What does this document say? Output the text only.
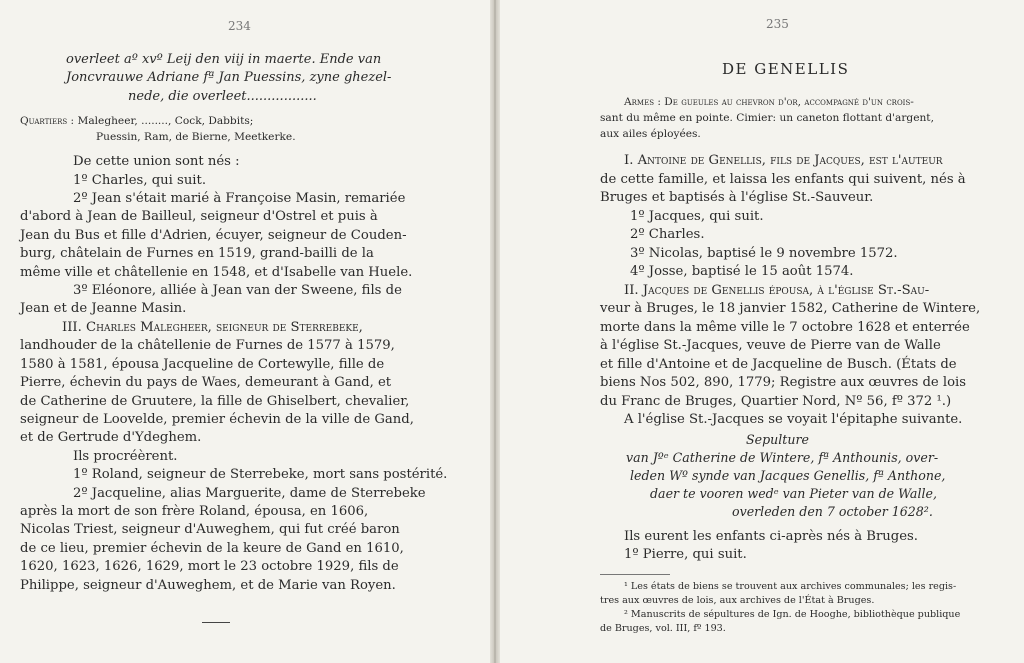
234
overleet aº xvº Leij den viij in maerte. Ende van
Joncvrauwe Adriane fª Jan Puessins, zyne ghezel-
nede, die overleet.................
Quartiers : Malegheer, ........, Cock, Dabbits;
Puessin, Ram, de Bierne, Meetkerke.
De cette union sont nés :
1º Charles, qui suit.
2º Jean s'était marié à Françoise Masin, remariée
d'abord à Jean de Bailleul, seigneur d'Ostrel et puis à
Jean du Bus et fille d'Adrien, écuyer, seigneur de Couden-
burg, châtelain de Furnes en 1519, grand-bailli de la
même ville et châtellenie en 1548, et d'Isabelle van Huele.
3º Eléonore, alliée à Jean van der Sweene, fils de
Jean et de Jeanne Masin.
III. Charles Malegheer, seigneur de Sterrebeke,
landhouder de la châtellenie de Furnes de 1577 à 1579,
1580 à 1581, épousa Jacqueline de Cortewylle, fille de
Pierre, échevin du pays de Waes, demeurant à Gand, et
de Catherine de Gruutere, la fille de Ghiselbert, chevalier,
seigneur de Loovelde, premier échevin de la ville de Gand,
et de Gertrude d'Ydeghem.
Ils procréèrent.
1º Roland, seigneur de Sterrebeke, mort sans postérité.
2º Jacqueline, alias Marguerite, dame de Sterrebeke
après la mort de son frère Roland, épousa, en 1606,
Nicolas Triest, seigneur d'Auweghem, qui fut créé baron
de ce lieu, premier échevin de la keure de Gand en 1610,
1620, 1623, 1626, 1629, mort le 23 octobre 1929, fils de
Philippe, seigneur d'Auweghem, et de Marie van Royen.
235
DE GENELLIS
Armes : De gueules au chevron d'or, accompagné d'un crois-
sant du même en pointe. Cimier: un caneton flottant d'argent,
aux ailes éployées.
I. Antoine de Genellis, fils de Jacques, est l'auteur
de cette famille, et laissa les enfants qui suivent, nés à
Bruges et baptisés à l'église St.-Sauveur.
1º Jacques, qui suit.
2º Charles.
3º Nicolas, baptisé le 9 novembre 1572.
4º Josse, baptisé le 15 août 1574.
II. Jacques de Genellis épousa, à l'église St.-Sau-
veur à Bruges, le 18 janvier 1582, Catherine de Wintere,
morte dans la même ville le 7 octobre 1628 et enterrée
à l'église St.-Jacques, veuve de Pierre van de Walle
et fille d'Antoine et de Jacqueline de Busch. (États de
biens Nos 502, 890, 1779; Registre aux œuvres de lois
du Franc de Bruges, Quartier Nord, Nº 56, fº 372 ¹.)
A l'église St.-Jacques se voyait l'épitaphe suivante.
Sepulture
van Jºᵉ Catherine de Wintere, fª Anthounis, over-
leden Wº synde van Jacques Genellis, fª Anthone,
daer te vooren wedᵉ van Pieter van de Walle,
overleden den 7 october 1628².
Ils eurent les enfants ci-après nés à Bruges.
1º Pierre, qui suit.
¹ Les états de biens se trouvent aux archives communales; les regis-
tres aux œuvres de lois, aux archives de l'État à Bruges.
² Manuscrits de sépultures de Ign. de Hooghe, bibliothèque publique
de Bruges, vol. III, fº 193.
